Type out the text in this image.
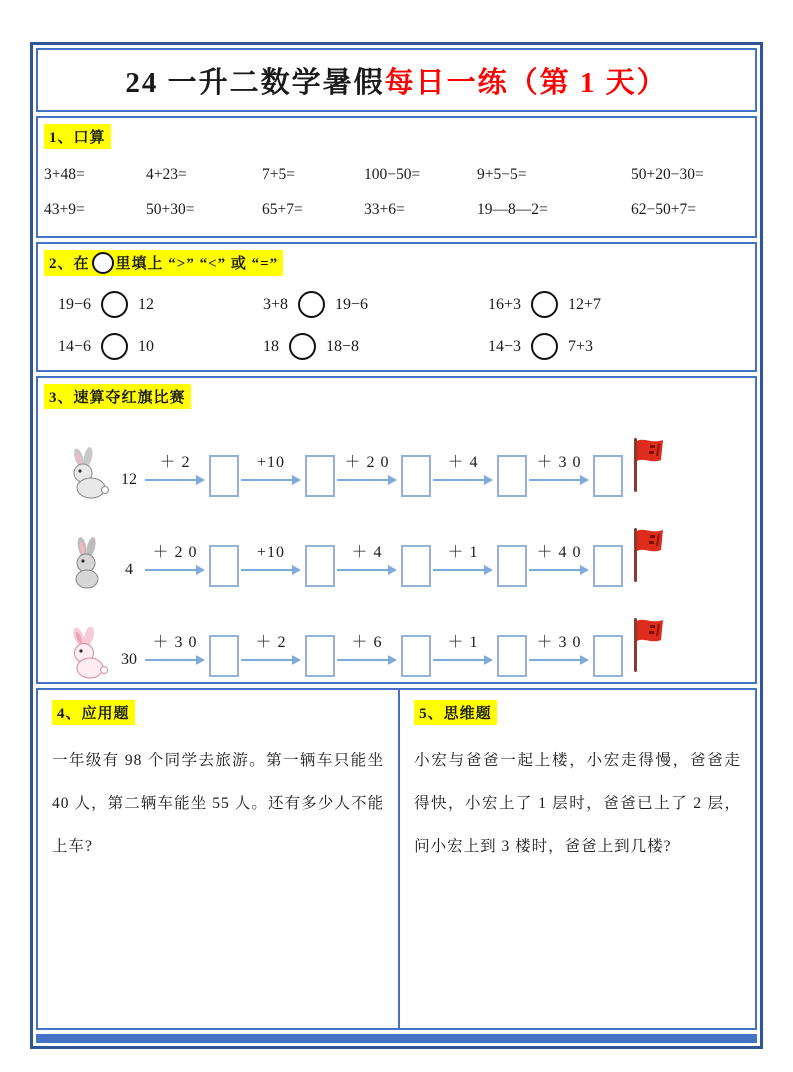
24 一升二数学暑假每日一练（第 1 天）
1、口算
3+48=	4+23=	7+5=	100−50=	9+5−5=	50+20−30=
43+9=	50+30=	65+7=	33+6=	19—8—2=	62−50+7=
2、在 里填上 “>” “<” 或 “=”
19−6	12	3+8	19−6	16+3	12+7
14−6	10	18	18−8	14−3	7+3
3、速算夺红旗比赛
12
＋ 2	+10	＋ 2 0	＋ 4	＋ 3 0
4
＋ 2 0	+10	＋ 4	＋ 1	＋ 4 0
30
＋ 3 0	＋ 2	＋ 6	＋ 1	＋ 3 0
4、应用题

一年级有 98 个同学去旅游。第一辆车只能坐 40 人，第二辆车能坐 55 人。还有多少人不能上车?

5、思维题

小宏与爸爸一起上楼，小宏走得慢，爸爸走得快，小宏上了 1 层时，爸爸已上了 2 层，问小宏上到 3 楼时，爸爸上到几楼?
